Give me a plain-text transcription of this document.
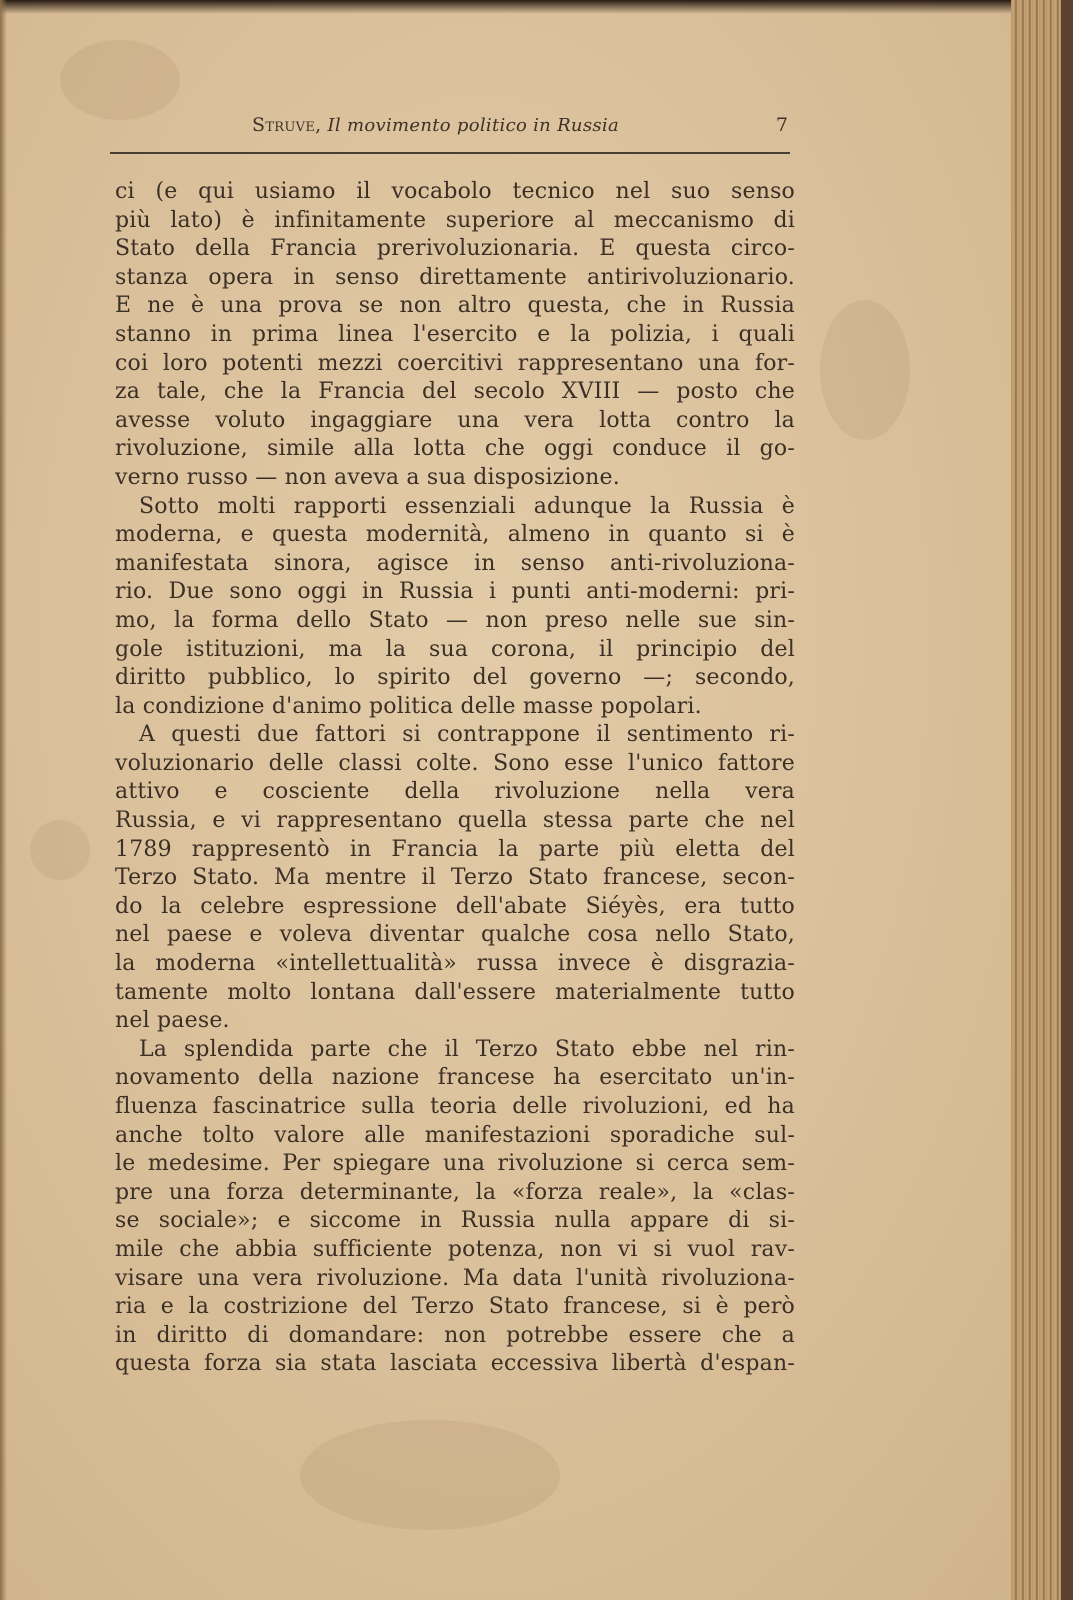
Struve, Il movimento politico in Russia	7
ci (e qui usiamo il vocabolo tecnico nel suo senso
più lato) è infinitamente superiore al meccanismo di
Stato della Francia prerivoluzionaria. E questa circo-
stanza opera in senso direttamente antirivoluzionario.
E ne è una prova se non altro questa, che in Russia
stanno in prima linea l'esercito e la polizia, i quali
coi loro potenti mezzi coercitivi rappresentano una for-
za tale, che la Francia del secolo XVIII — posto che
avesse voluto ingaggiare una vera lotta contro la
rivoluzione, simile alla lotta che oggi conduce il go-
verno russo — non aveva a sua disposizione.
Sotto molti rapporti essenziali adunque la Russia è
moderna, e questa modernità, almeno in quanto si è
manifestata sinora, agisce in senso anti-rivoluziona-
rio. Due sono oggi in Russia i punti anti-moderni: pri-
mo, la forma dello Stato — non preso nelle sue sin-
gole istituzioni, ma la sua corona, il principio del
diritto pubblico, lo spirito del governo —; secondo,
la condizione d'animo politica delle masse popolari.
A questi due fattori si contrappone il sentimento ri-
voluzionario delle classi colte. Sono esse l'unico fattore
attivo e cosciente della rivoluzione nella vera
Russia, e vi rappresentano quella stessa parte che nel
1789 rappresentò in Francia la parte più eletta del
Terzo Stato. Ma mentre il Terzo Stato francese, secon-
do la celebre espressione dell'abate Siéyès, era tutto
nel paese e voleva diventar qualche cosa nello Stato,
la moderna «intellettualità» russa invece è disgrazia-
tamente molto lontana dall'essere materialmente tutto
nel paese.
La splendida parte che il Terzo Stato ebbe nel rin-
novamento della nazione francese ha esercitato un'in-
fluenza fascinatrice sulla teoria delle rivoluzioni, ed ha
anche tolto valore alle manifestazioni sporadiche sul-
le medesime. Per spiegare una rivoluzione si cerca sem-
pre una forza determinante, la «forza reale», la «clas-
se sociale»; e siccome in Russia nulla appare di si-
mile che abbia sufficiente potenza, non vi si vuol rav-
visare una vera rivoluzione. Ma data l'unità rivoluziona-
ria e la costrizione del Terzo Stato francese, si è però
in diritto di domandare: non potrebbe essere che a
questa forza sia stata lasciata eccessiva libertà d'espan-
